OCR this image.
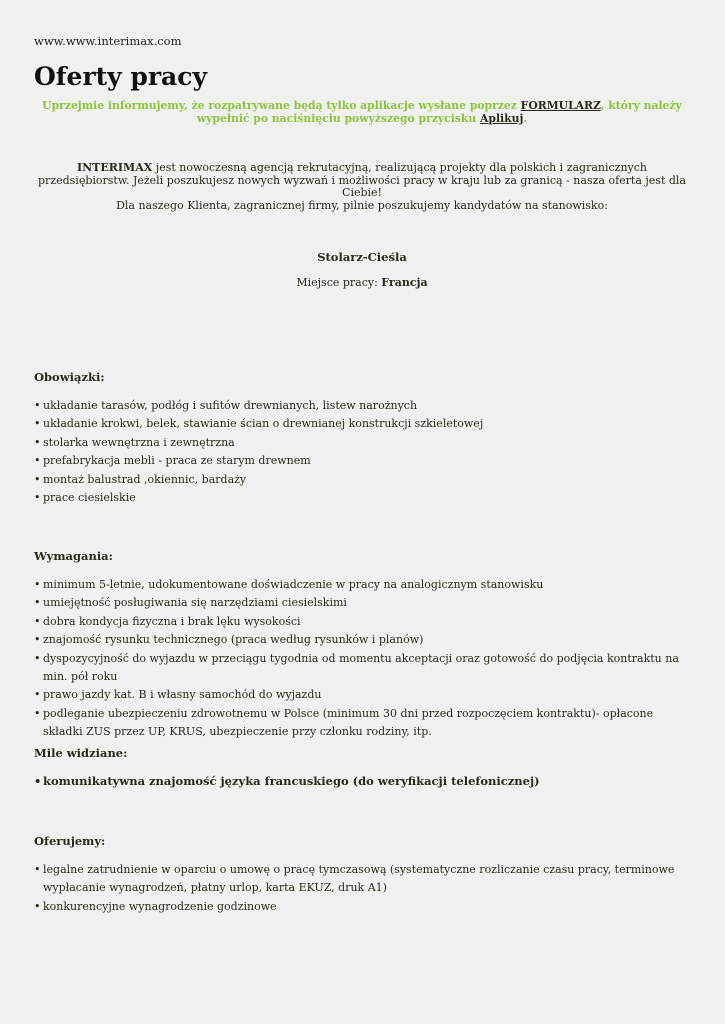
www.www.interimax.com
Oferty pracy
Uprzejmie informujemy, że rozpatrywane będą tylko aplikacje wysłane poprzez FORMULARZ, który należy wypełnić po naciśnięciu powyższego przycisku Aplikuj.
INTERIMAX jest nowoczesną agencją rekrutacyjną, realizującą projekty dla polskich i zagranicznych przedsiębiorstw. Jeżeli poszukujesz nowych wyzwań i możliwości pracy w kraju lub za granicą - nasza oferta jest dla Ciebie!
Dla naszego Klienta, zagranicznej firmy, pilnie poszukujemy kandydatów na stanowisko:
Stolarz-Cieśla
Miejsce pracy: Francja
Obowiązki:
• układanie tarasów, podłóg i sufitów drewnianych, listew narożnych
• układanie krokwi, belek, stawianie ścian o drewnianej konstrukcji szkieletowej
• stolarka wewnętrzna i zewnętrzna
• prefabrykacja mebli - praca ze starym drewnem
• montaż balustrad ,okiennic, bardaży
• prace ciesielskie
Wymagania:
• minimum 5-letnie, udokumentowane doświadczenie w pracy na analogicznym stanowisku
• umiejętność posługiwania się narzędziami ciesielskimi
• dobra kondycja fizyczna i brak lęku wysokości
• znajomość rysunku technicznego (praca według rysunków i planów)
• dyspozycyjność do wyjazdu w przeciągu tygodnia od momentu akceptacji oraz gotowość do podjęcia kontraktu na min. pół roku
• prawo jazdy kat. B i własny samochód do wyjazdu
• podleganie ubezpieczeniu zdrowotnemu w Polsce (minimum 30 dni przed rozpoczęciem kontraktu)- opłacone składki ZUS przez UP, KRUS, ubezpieczenie przy członku rodziny, itp.
Mile widziane:
• komunikatywna znajomość języka francuskiego (do weryfikacji telefonicznej)
Oferujemy:
• legalne zatrudnienie w oparciu o umowę o pracę tymczasową (systematyczne rozliczanie czasu pracy, terminowe wypłacanie wynagrodzeń, płatny urlop, karta EKUZ, druk A1)
• konkurencyjne wynagrodzenie godzinowe
